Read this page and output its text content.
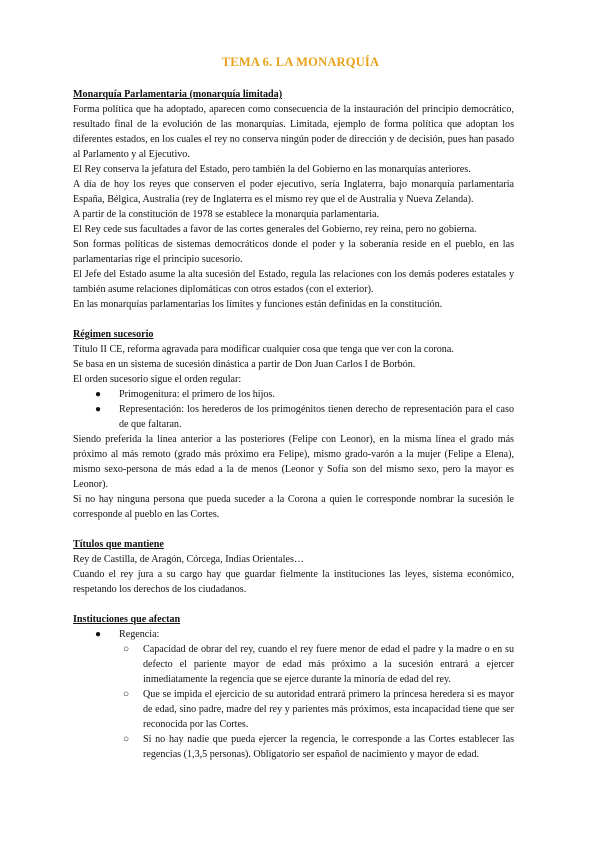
TEMA 6. LA MONARQUÍA

Monarquía Parlamentaria (monarquía limitada)

Forma política que ha adoptado, aparecen como consecuencia de la instauración del principio democrático, resultado final de la evolución de las monarquías. Limitada, ejemplo de forma política que adoptan los diferentes estados, en los cuales el rey no conserva ningún poder de dirección y de decisión, pues han pasado al Parlamento y al Ejecutivo.

El Rey conserva la jefatura del Estado, pero también la del Gobierno en las monarquías anteriores.

A día de hoy los reyes que conserven el poder ejecutivo, sería Inglaterra, bajo monarquía parlamentaria España, Bélgica, Australia (rey de Inglaterra es el mismo rey que el de Australia y Nueva Zelanda).

A partir de la constitución de 1978 se establece la monarquía parlamentaria.

El Rey cede sus facultades a favor de las cortes generales del Gobierno, rey reina, pero no gobierna.

Son formas políticas de sistemas democráticos donde el poder y la soberanía reside en el pueblo, en las parlamentarias rige el principio sucesorio.

El Jefe del Estado asume la alta sucesión del Estado, regula las relaciones con los demás poderes estatales y también asume relaciones diplomáticas con otros estados (con el exterior).

En las monarquías parlamentarias los límites y funciones están definidas en la constitución.

Régimen sucesorio

Título II CE, reforma agravada para modificar cualquier cosa que tenga que ver con la corona.

Se basa en un sistema de sucesión dinástica a partir de Don Juan Carlos I de Borbón.

El orden sucesorio sigue el orden regular:

● Primogenitura: el primero de los hijos.
● Representación: los herederos de los primogénitos tienen derecho de representación para el caso de que faltaran.

Siendo preferida la línea anterior a las posteriores (Felipe con Leonor), en la misma línea el grado más próximo al más remoto (grado más próximo era Felipe), mismo grado-varón a la mujer (Felipe a Elena), mismo sexo-persona de más edad a la de menos (Leonor y Sofía son del mismo sexo, pero la mayor es Leonor).

Si no hay ninguna persona que pueda suceder a la Corona a quien le corresponde nombrar la sucesión le corresponde al pueblo en las Cortes.

Títulos que mantiene

Rey de Castilla, de Aragón, Córcega, Indias Orientales…

Cuando el rey jura a su cargo hay que guardar fielmente la instituciones las leyes, sistema económico, respetando los derechos de los ciudadanos.

Instituciones que afectan

● Regencia:
○ Capacidad de obrar del rey, cuando el rey fuere menor de edad el padre y la madre o en su defecto el pariente mayor de edad más próximo a la sucesión entrará a ejercer inmediatamente la regencia que se ejerce durante la minoría de edad del rey.
○ Que se impida el ejercicio de su autoridad entrará primero la princesa heredera si es mayor de edad, sino padre, madre del rey y parientes más próximos, esta incapacidad tiene que ser reconocida por las Cortes.
○ Si no hay nadie que pueda ejercer la regencia, le corresponde a las Cortes establecer las regencias (1,3,5 personas). Obligatorio ser español de nacimiento y mayor de edad.
